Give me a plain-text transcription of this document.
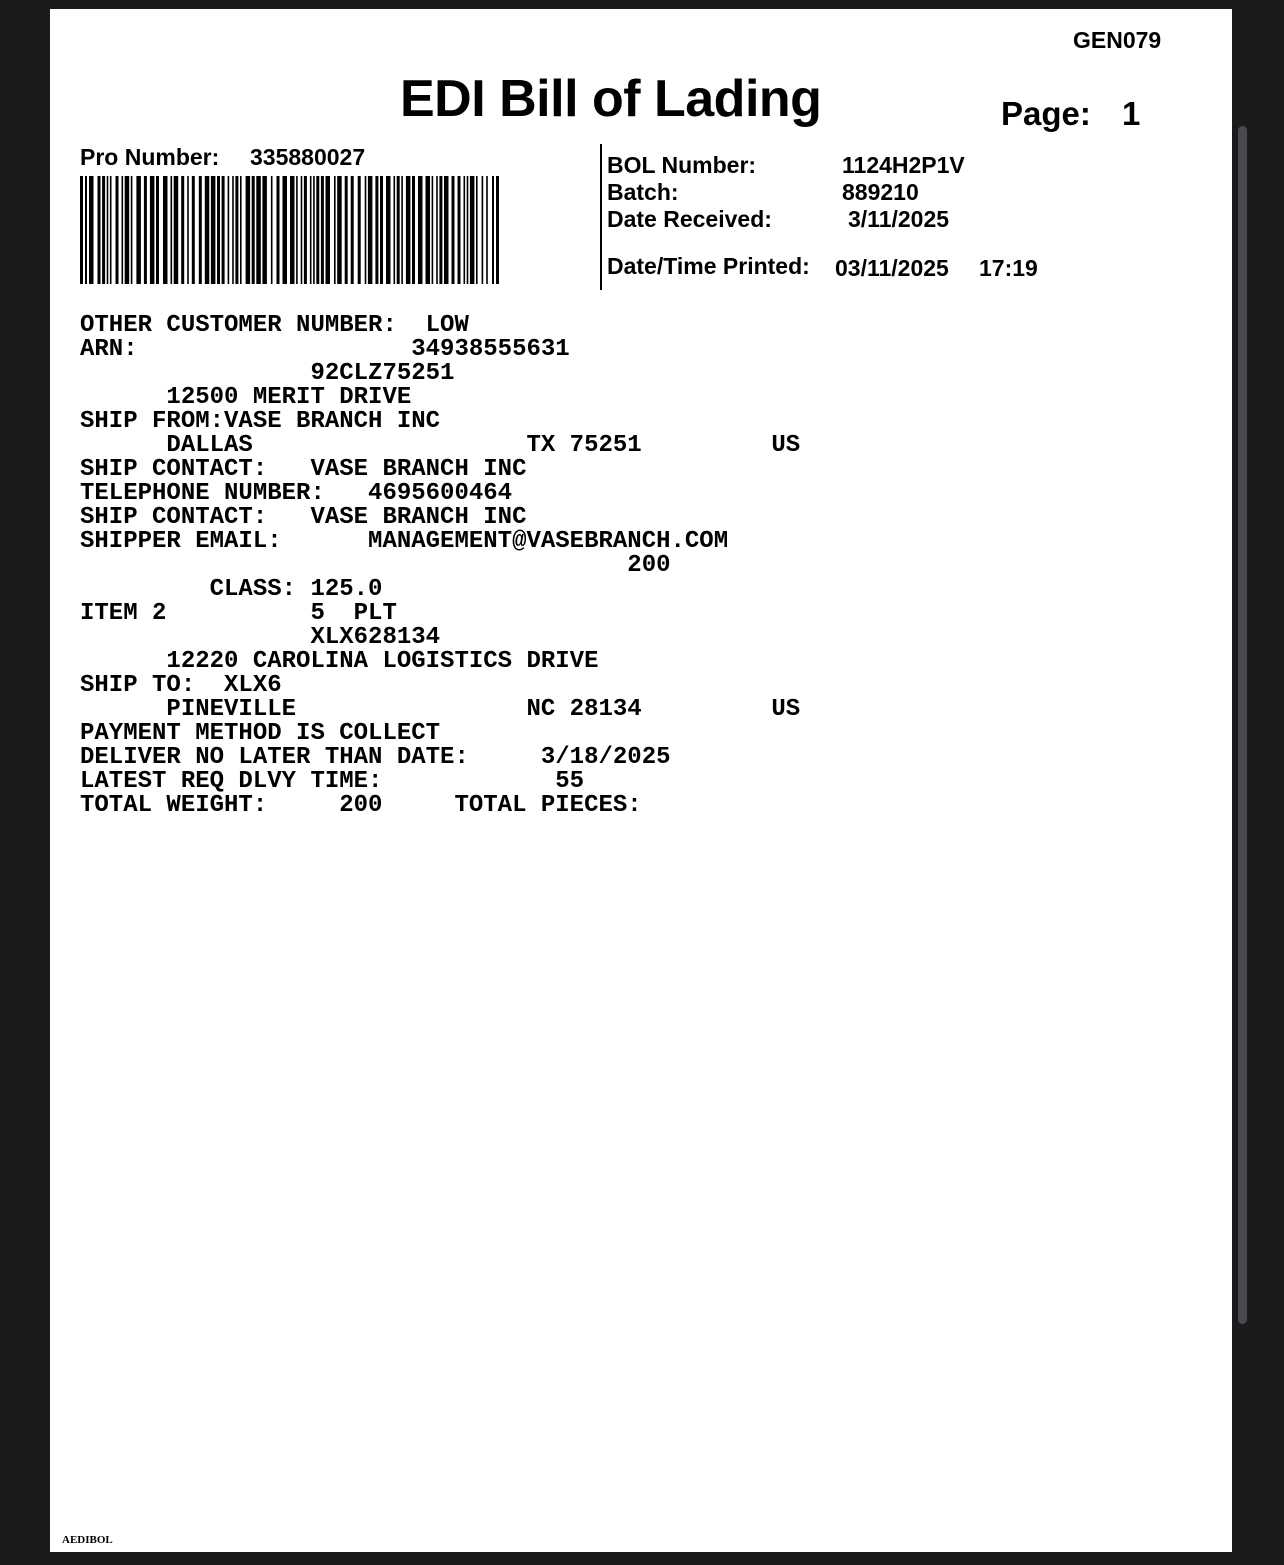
GEN079
EDI Bill of Lading	Page: 1
Pro Number: 335880027	BOL Number:	1124H2P1V
Batch:	889210
Date Received:	3/11/2025
Date/Time Printed: 03/11/2025 17:19
OTHER CUSTOMER NUMBER:  LOW
ARN:                   34938555631
92CLZ75251
12500 MERIT DRIVE
SHIP FROM:VASE BRANCH INC
DALLAS                   TX 75251         US
SHIP CONTACT:   VASE BRANCH INC
TELEPHONE NUMBER:   4695600464
SHIP CONTACT:   VASE BRANCH INC
SHIPPER EMAIL:      MANAGEMENT@VASEBRANCH.COM
200
CLASS: 125.0
ITEM 2          5  PLT
XLX628134
12220 CAROLINA LOGISTICS DRIVE
SHIP TO:  XLX6
PINEVILLE                NC 28134         US
PAYMENT METHOD IS COLLECT
DELIVER NO LATER THAN DATE:     3/18/2025
LATEST REQ DLVY TIME:            55
TOTAL WEIGHT:     200     TOTAL PIECES:
AEDIBOL
